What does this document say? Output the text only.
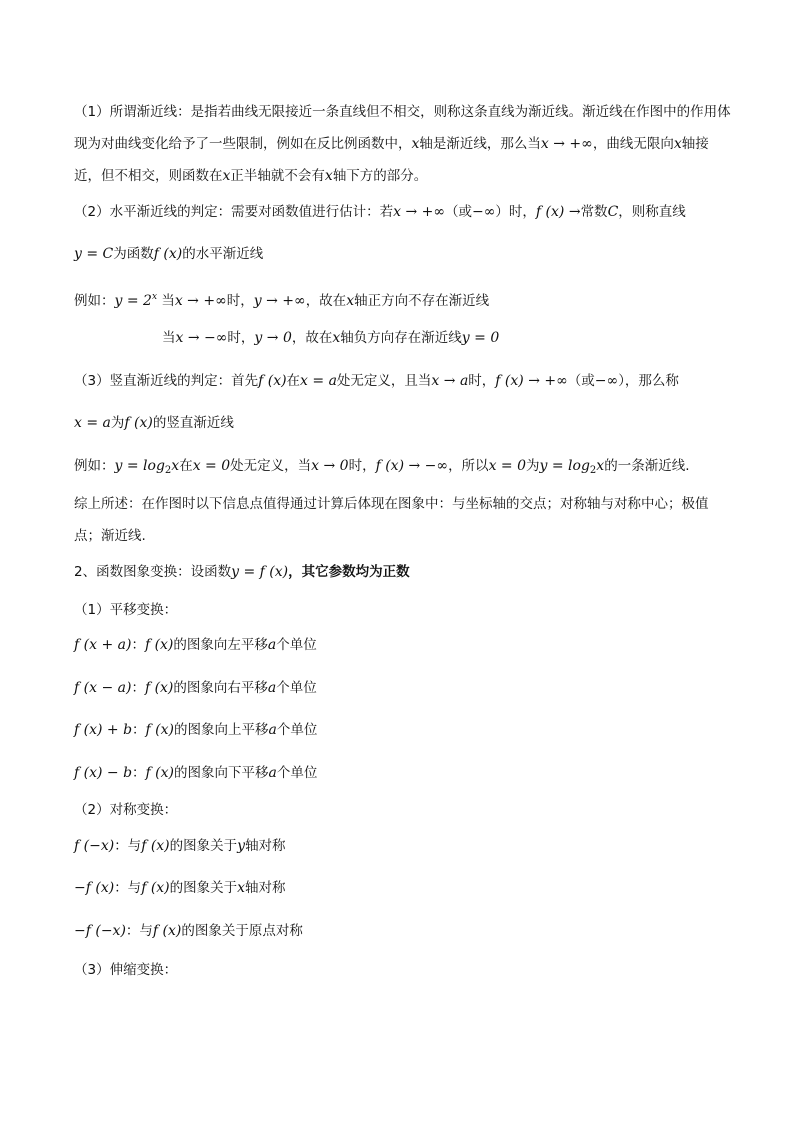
（1）所谓渐近线：是指若曲线无限接近一条直线但不相交，则称这条直线为渐近线。渐近线在作图中的作用体现为对曲线变化给予了一些限制，例如在反比例函数中，x轴是渐近线，那么当x → +∞，曲线无限向x轴接近，但不相交，则函数在x正半轴就不会有x轴下方的部分。
（2）水平渐近线的判定：需要对函数值进行估计：若x → +∞（或−∞）时，f (x) →常数C，则称直线
y = C为函数f (x)的水平渐近线
例如：$y = 2^x$ 当x → +∞时，y → +∞，故在x轴正方向不存在渐近线
当x → −∞时，y → 0，故在x轴负方向存在渐近线y = 0
（3）竖直渐近线的判定：首先f (x)在x = a处无定义，且当x → a时，f (x) → +∞（或−∞），那么称
x = a为f (x)的竖直渐近线
例如：$y = \log_2x$在x = 0处无定义，当x → 0时，f (x) → −∞，所以x = 0为$y = \log_2x$的一条渐近线.
综上所述：在作图时以下信息点值得通过计算后体现在图象中：与坐标轴的交点；对称轴与对称中心；极值点；渐近线.
2、函数图象变换：设函数y = f (x)，其它参数均为正数
（1）平移变换：
f (x + a)：f (x)的图象向左平移a个单位
f (x − a)：f (x)的图象向右平移a个单位
f (x) + b：f (x)的图象向上平移a个单位
f (x) − b：f (x)的图象向下平移a个单位
（2）对称变换：
f (−x)：与f (x)的图象关于y轴对称
−f (x)：与f (x)的图象关于x轴对称
−f (−x)：与f (x)的图象关于原点对称
（3）伸缩变换：
